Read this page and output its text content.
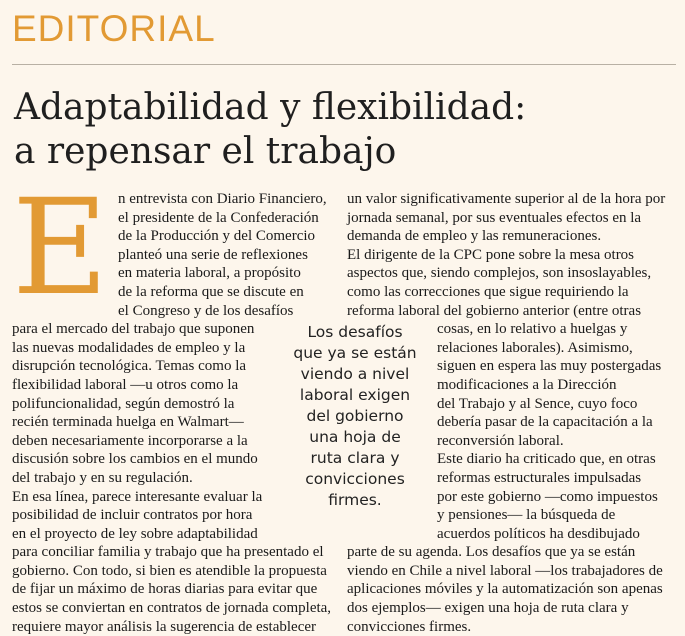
EDITORIAL
Adaptabilidad y flexibilidad:
a repensar el trabajo
E n entrevista con Diario Financiero,
el presidente de la Confederación
de la Producción y del Comercio
planteó una serie de reflexiones
en materia laboral, a propósito
de la reforma que se discute en
el Congreso y de los desafíos
para el mercado del trabajo que suponen
las nuevas modalidades de empleo y la
disrupción tecnológica. Temas como la
flexibilidad laboral —u otros como la
polifuncionalidad, según demostró la
recién terminada huelga en Walmart—
deben necesariamente incorporarse a la
discusión sobre los cambios en el mundo
del trabajo y en su regulación.
En esa línea, parece interesante evaluar la
posibilidad de incluir contratos por hora
en el proyecto de ley sobre adaptabilidad
para conciliar familia y trabajo que ha presentado el
gobierno. Con todo, si bien es atendible la propuesta
de fijar un máximo de horas diarias para evitar que
estos se conviertan en contratos de jornada completa,
requiere mayor análisis la sugerencia de establecer
un valor significativamente superior al de la hora por
jornada semanal, por sus eventuales efectos en la
demanda de empleo y las remuneraciones.
El dirigente de la CPC pone sobre la mesa otros
aspectos que, siendo complejos, son insoslayables,
como las correcciones que sigue requiriendo la
reforma laboral del gobierno anterior (entre otras
cosas, en lo relativo a huelgas y
relaciones laborales). Asimismo,
siguen en espera las muy postergadas
modificaciones a la Dirección
del Trabajo y al Sence, cuyo foco
debería pasar de la capacitación a la
reconversión laboral.
Este diario ha criticado que, en otras
reformas estructurales impulsadas
por este gobierno —como impuestos
y pensiones— la búsqueda de
acuerdos políticos ha desdibujado
parte de su agenda. Los desafíos que ya se están
viendo en Chile a nivel laboral —los trabajadores de
aplicaciones móviles y la automatización son apenas
dos ejemplos— exigen una hoja de ruta clara y
convicciones firmes.
Los desafíos
que ya se están
viendo a nivel
laboral exigen
del gobierno
una hoja de
ruta clara y
convicciones
firmes.
